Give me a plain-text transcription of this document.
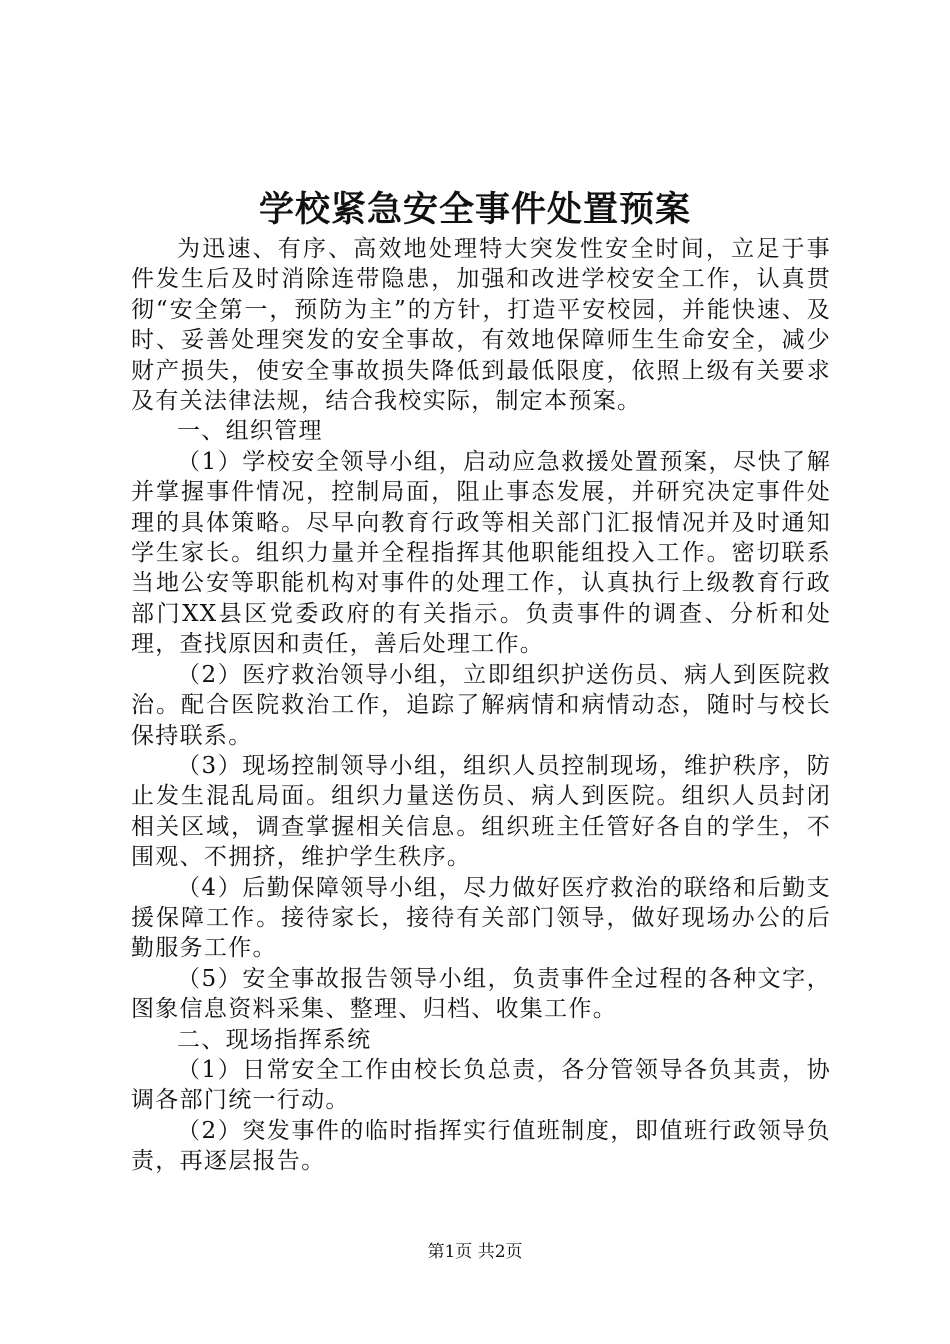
学校紧急安全事件处置预案

为迅速、有序、高效地处理特大突发性安全时间，立足于事件发生后及时消除连带隐患，加强和改进学校安全工作，认真贯彻“安全第一，预防为主”的方针，打造平安校园，并能快速、及时、妥善处理突发的安全事故，有效地保障师生生命安全，减少财产损失，使安全事故损失降低到最低限度，依照上级有关要求及有关法律法规，结合我校实际，制定本预案。

一、组织管理

（1）学校安全领导小组，启动应急救援处置预案，尽快了解并掌握事件情况，控制局面，阻止事态发展，并研究决定事件处理的具体策略。尽早向教育行政等相关部门汇报情况并及时通知学生家长。组织力量并全程指挥其他职能组投入工作。密切联系当地公安等职能机构对事件的处理工作，认真执行上级教育行政部门XX县区党委政府的有关指示。负责事件的调查、分析和处理，查找原因和责任，善后处理工作。

（2）医疗救治领导小组，立即组织护送伤员、病人到医院救治。配合医院救治工作，追踪了解病情和病情动态，随时与校长保持联系。

（3）现场控制领导小组，组织人员控制现场，维护秩序，防止发生混乱局面。组织力量送伤员、病人到医院。组织人员封闭相关区域，调查掌握相关信息。组织班主任管好各自的学生，不围观、不拥挤，维护学生秩序。

（4）后勤保障领导小组，尽力做好医疗救治的联络和后勤支援保障工作。接待家长，接待有关部门领导，做好现场办公的后勤服务工作。

（5）安全事故报告领导小组，负责事件全过程的各种文字，图象信息资料采集、整理、归档、收集工作。

二、现场指挥系统

（1）日常安全工作由校长负总责，各分管领导各负其责，协调各部门统一行动。

（2）突发事件的临时指挥实行值班制度，即值班行政领导负责，再逐层报告。

第1页 共2页
